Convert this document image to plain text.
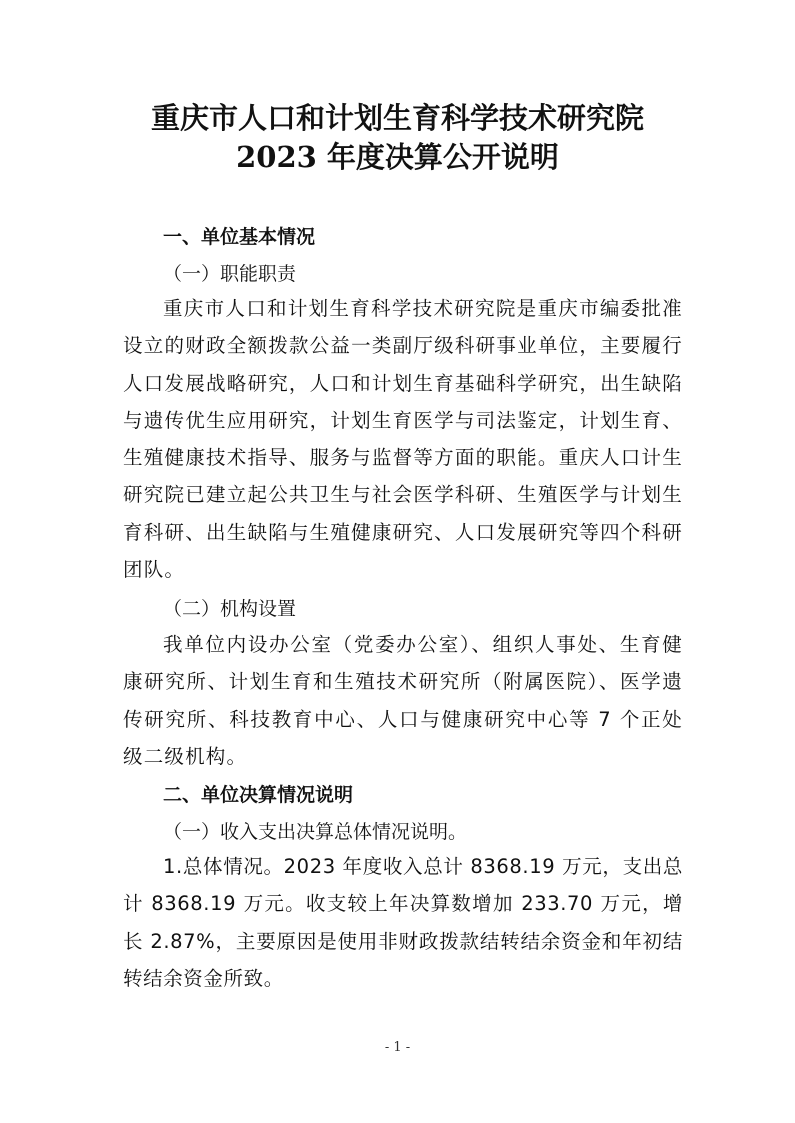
重庆市人口和计划生育科学技术研究院
2023 年度决算公开说明
一、单位基本情况
（一）职能职责
重庆市人口和计划生育科学技术研究院是重庆市编委批准设立的财政全额拨款公益一类副厅级科研事业单位，主要履行人口发展战略研究，人口和计划生育基础科学研究，出生缺陷与遗传优生应用研究，计划生育医学与司法鉴定，计划生育、生殖健康技术指导、服务与监督等方面的职能。重庆人口计生研究院已建立起公共卫生与社会医学科研、生殖医学与计划生育科研、出生缺陷与生殖健康研究、人口发展研究等四个科研团队。
（二）机构设置
我单位内设办公室（党委办公室）、组织人事处、生育健康研究所、计划生育和生殖技术研究所（附属医院）、医学遗传研究所、科技教育中心、人口与健康研究中心等 7 个正处级二级机构。
二、单位决算情况说明
（一）收入支出决算总体情况说明。
1.总体情况。2023 年度收入总计 8368.19 万元，支出总计 8368.19 万元。收支较上年决算数增加 233.70 万元，增长 2.87%，主要原因是使用非财政拨款结转结余资金和年初结转结余资金所致。
- 1 -
